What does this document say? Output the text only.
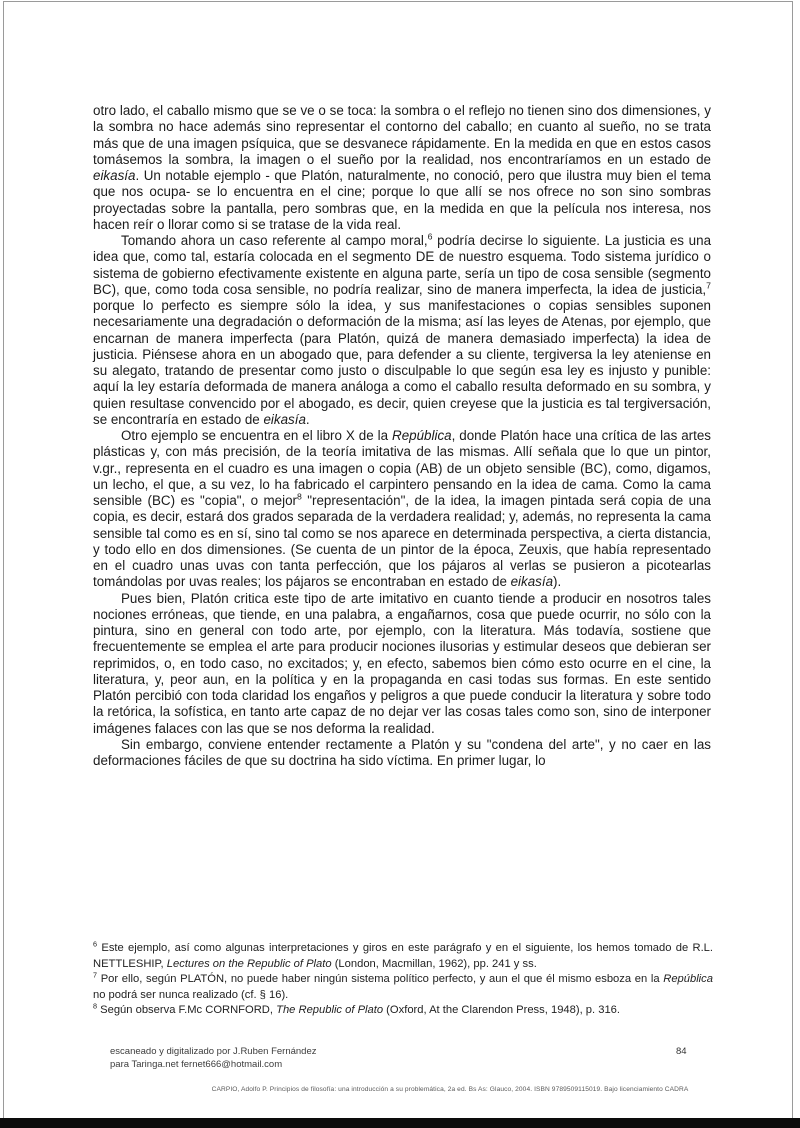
otro lado, el caballo mismo que se ve o se toca: la sombra o el reflejo no tienen sino dos dimensiones, y la sombra no hace además sino representar el contorno del caballo; en cuanto al sueño, no se trata más que de una imagen psíquica, que se desvanece rápidamente. En la medida en que en estos casos tomásemos la sombra, la imagen o el sueño por la realidad, nos encontraríamos en un estado de eikasía. Un notable ejemplo - que Platón, naturalmente, no conoció, pero que ilustra muy bien el tema que nos ocupa- se lo encuentra en el cine; porque lo que allí se nos ofrece no son sino sombras proyectadas sobre la pantalla, pero sombras que, en la medida en que la película nos interesa, nos hacen reír o llorar como si se tratase de la vida real.

Tomando ahora un caso referente al campo moral,$^6$ podría decirse lo siguiente. La justicia es una idea que, como tal, estaría colocada en el segmento DE de nuestro esquema. Todo sistema jurídico o sistema de gobierno efectivamente existente en alguna parte, sería un tipo de cosa sensible (segmento BC), que, como toda cosa sensible, no podría realizar, sino de manera imperfecta, la idea de justicia,$^7$ porque lo perfecto es siempre sólo la idea, y sus manifestaciones o copias sensibles suponen necesariamente una degradación o deformación de la misma; así las leyes de Atenas, por ejemplo, que encarnan de manera imperfecta (para Platón, quizá de manera demasiado imperfecta) la idea de justicia. Piénsese ahora en un abogado que, para defender a su cliente, tergiversa la ley ateniense en su alegato, tratando de presentar como justo o disculpable lo que según esa ley es injusto y punible: aquí la ley estaría deformada de manera análoga a como el caballo resulta deformado en su sombra, y quien resultase convencido por el abogado, es decir, quien creyese que la justicia es tal tergiversación, se encontraría en estado de eikasía.

Otro ejemplo se encuentra en el libro X de la República, donde Platón hace una crítica de las artes plásticas y, con más precisión, de la teoría imitativa de las mismas. Allí señala que lo que un pintor, v.gr., representa en el cuadro es una imagen o copia (AB) de un objeto sensible (BC), como, digamos, un lecho, el que, a su vez, lo ha fabricado el carpintero pensando en la idea de cama. Como la cama sensible (BC) es "copia", o mejor$^8$ "representación", de la idea, la imagen pintada será copia de una copia, es decir, estará dos grados separada de la verdadera realidad; y, además, no representa la cama sensible tal como es en sí, sino tal como se nos aparece en determinada perspectiva, a cierta distancia, y todo ello en dos dimensiones. (Se cuenta de un pintor de la época, Zeuxis, que había representado en el cuadro unas uvas con tanta perfección, que los pájaros al verlas se pusieron a picotearlas tomándolas por uvas reales; los pájaros se encontraban en estado de eikasía).

Pues bien, Platón critica este tipo de arte imitativo en cuanto tiende a producir en nosotros tales nociones erróneas, que tiende, en una palabra, a engañarnos, cosa que puede ocurrir, no sólo con la pintura, sino en general con todo arte, por ejemplo, con la literatura. Más todavía, sostiene que frecuentemente se emplea el arte para producir nociones ilusorias y estimular deseos que debieran ser reprimidos, o, en todo caso, no excitados; y, en efecto, sabemos bien cómo esto ocurre en el cine, la literatura, y, peor aun, en la política y en la propaganda en casi todas sus formas. En este sentido Platón percibió con toda claridad los engaños y peligros a que puede conducir la literatura y sobre todo la retórica, la sofística, en tanto arte capaz de no dejar ver las cosas tales como son, sino de interponer imágenes falaces con las que se nos deforma la realidad.

Sin embargo, conviene entender rectamente a Platón y su "condena del arte", y no caer en las deformaciones fáciles de que su doctrina ha sido víctima. En primer lugar, lo

$^6$ Este ejemplo, así como algunas interpretaciones y giros en este parágrafo y en el siguiente, los hemos tomado de R.L. NETTLESHIP, Lectures on the Republic of Plato (London, Macmillan, 1962), pp. 241 y ss.

$^7$ Por ello, según PLATÓN, no puede haber ningún sistema político perfecto, y aun el que él mismo esboza en la República no podrá ser nunca realizado (cf. § 16).

$^8$ Según observa F.Mc CORNFORD, The Republic of Plato (Oxford, At the Clarendon Press, 1948), p. 316.

escaneado y digitalizado por J.Ruben Fernández
para Taringa.net fernet666@hotmail.com
84
CARPIO, Adolfo P. Principios de filosofía: una introducción a su problemática, 2a ed. Bs As: Glauco, 2004. ISBN 9789509115019. Bajo licenciamiento CADRA
